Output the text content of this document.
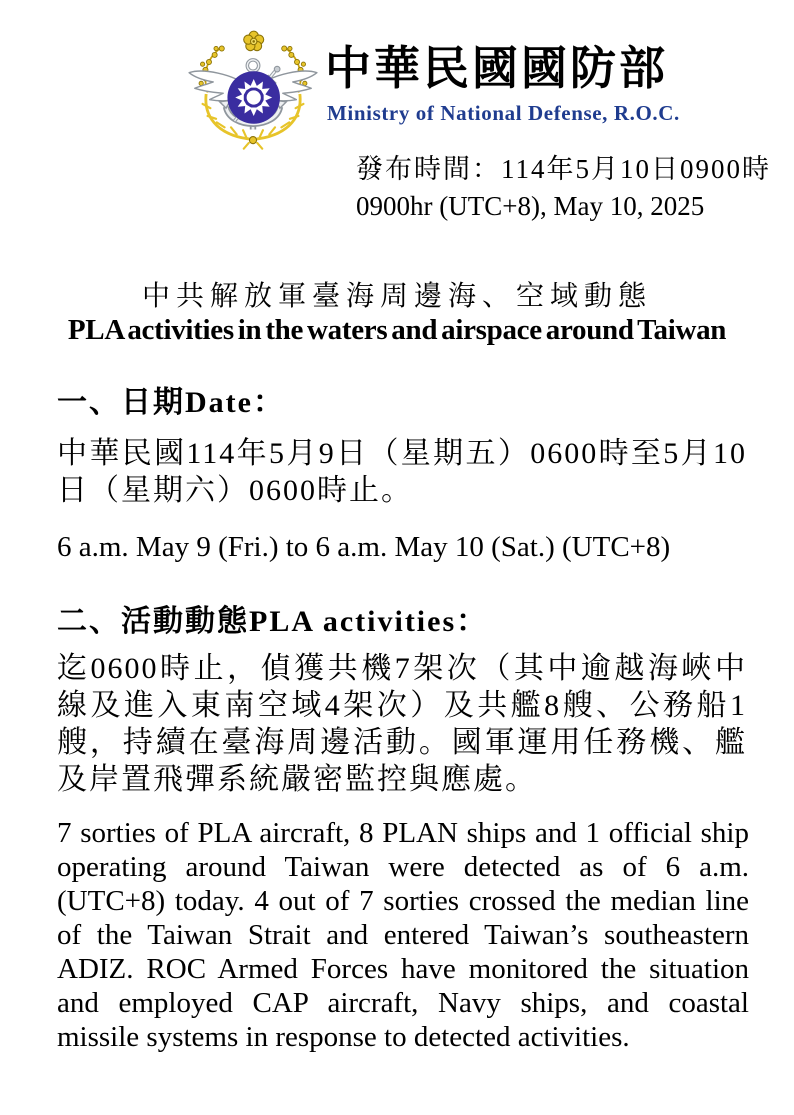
中華民國國防部
Ministry of National Defense, R.O.C.
發布時間：114年5月10日0900時
0900hr (UTC+8), May 10, 2025
中共解放軍臺海周邊海、空域動態
PLA activities in the waters and airspace around Taiwan
一、日期Date：
中華民國114年5月9日（星期五）0600時至5月10日（星期六）0600時止。
6 a.m. May 9 (Fri.) to 6 a.m. May 10 (Sat.) (UTC+8)
二、活動動態PLA activities：
迄0600時止，偵獲共機7架次（其中逾越海峽中線及進入東南空域4架次）及共艦8艘、公務船1艘，持續在臺海周邊活動。國軍運用任務機、艦及岸置飛彈系統嚴密監控與應處。
7 sorties of PLA aircraft, 8 PLAN ships and 1 official ship operating around Taiwan were detected as of 6 a.m. (UTC+8) today. 4 out of 7 sorties crossed the median line of the Taiwan Strait and entered Taiwan’s southeastern ADIZ. ROC Armed Forces have monitored the situation and employed CAP aircraft, Navy ships, and coastal missile systems in response to detected activities.
